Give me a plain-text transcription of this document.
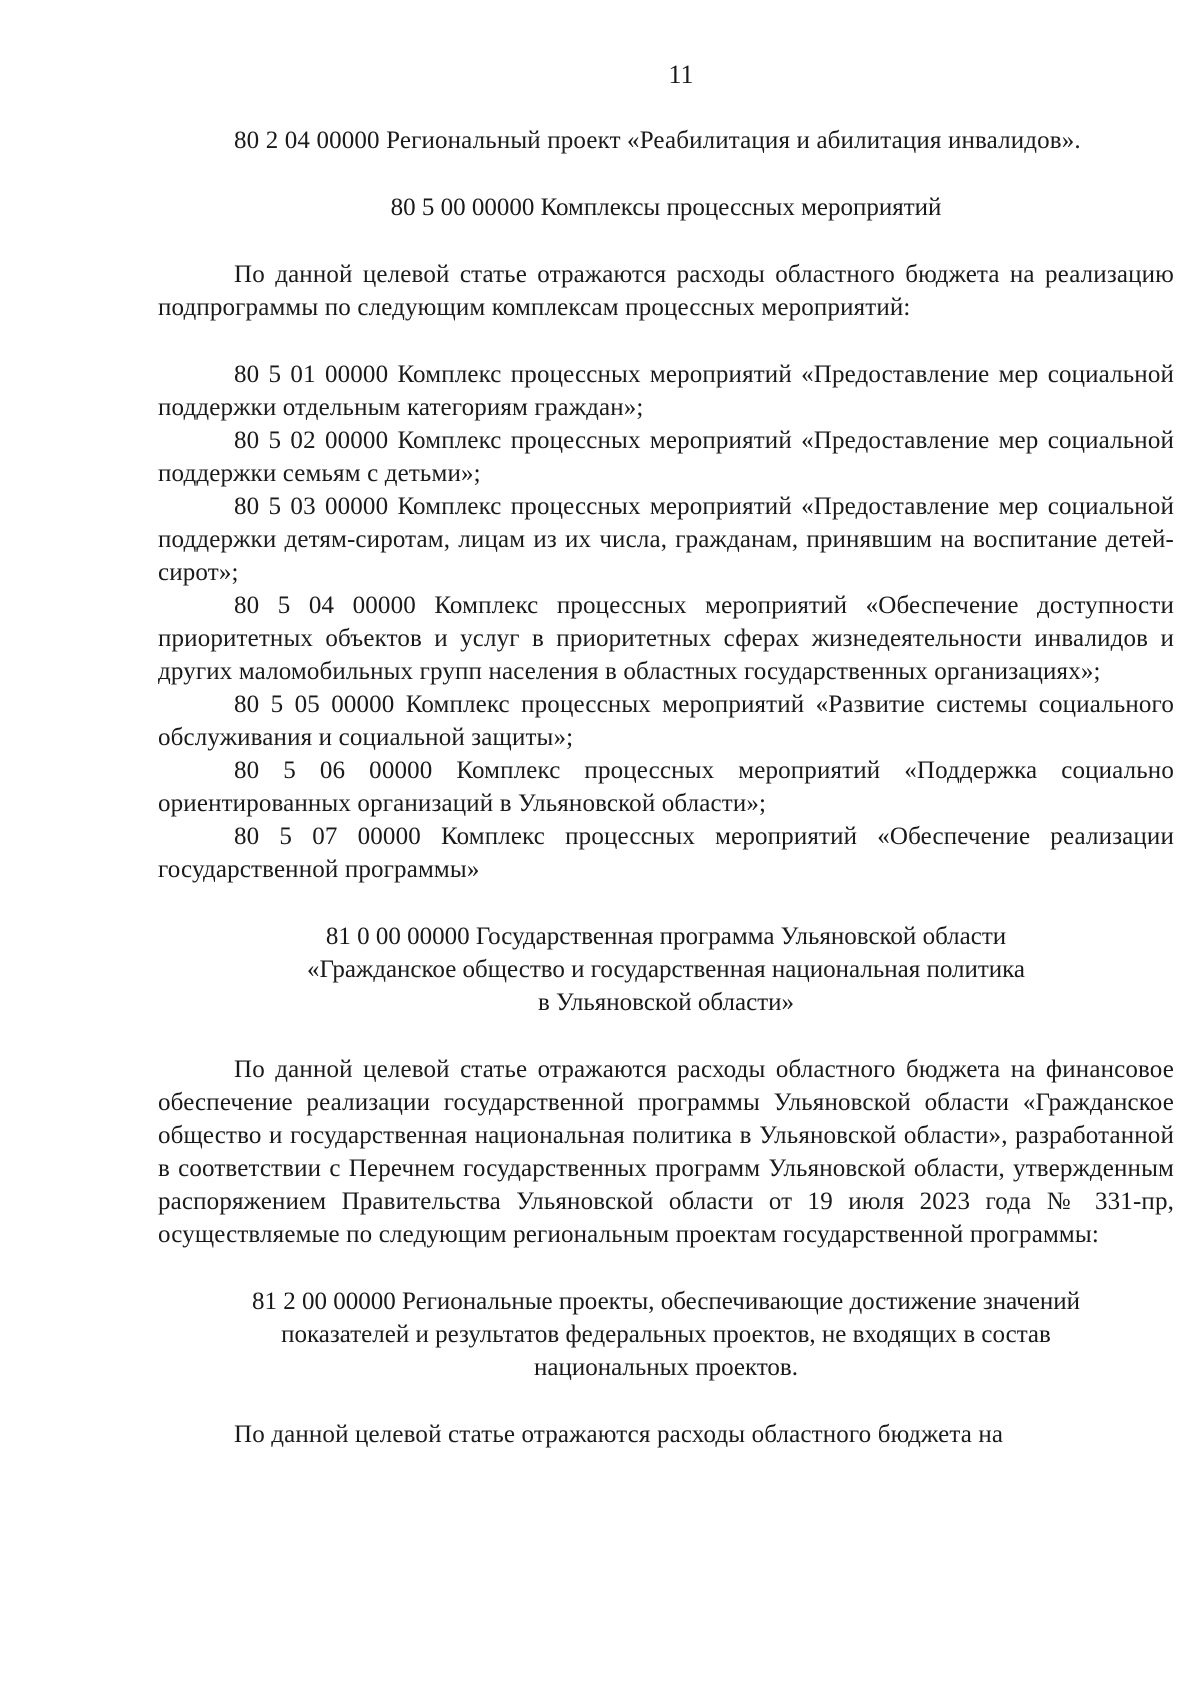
11

80 2 04 00000 Региональный проект «Реабилитация и абилитация инвалидов».

80 5 00 00000 Комплексы процессных мероприятий

По данной целевой статье отражаются расходы областного бюджета на реализацию подпрограммы по следующим комплексам процессных мероприятий:

80 5 01 00000 Комплекс процессных мероприятий «Предоставление мер социальной поддержки отдельным категориям граждан»;

80 5 02 00000 Комплекс процессных мероприятий «Предоставление мер социальной поддержки семьям с детьми»;

80 5 03 00000 Комплекс процессных мероприятий «Предоставление мер социальной поддержки детям-сиротам, лицам из их числа, гражданам, принявшим на воспитание детей-сирот»;

80 5 04 00000 Комплекс процессных мероприятий «Обеспечение доступности приоритетных объектов и услуг в приоритетных сферах жизнедеятельности инвалидов и других маломобильных групп населения в областных государственных организациях»;

80 5 05 00000 Комплекс процессных мероприятий «Развитие системы социального обслуживания и социальной защиты»;

80 5 06 00000 Комплекс процессных мероприятий «Поддержка социально ориентированных организаций в Ульяновской области»;

80 5 07 00000 Комплекс процессных мероприятий «Обеспечение реализации государственной программы»

81 0 00 00000 Государственная программа Ульяновской области

«Гражданское общество и государственная национальная политика

в Ульяновской области»

По данной целевой статье отражаются расходы областного бюджета на финансовое обеспечение реализации государственной программы Ульяновской области «Гражданское общество и государственная национальная политика в Ульяновской области», разработанной в соответствии с Перечнем государственных программ Ульяновской области, утвержденным распоряжением Правительства Ульяновской области от 19 июля 2023 года № 331-пр, осуществляемые по следующим региональным проектам государственной программы:

81 2 00 00000 Региональные проекты, обеспечивающие достижение значений

показателей и результатов федеральных проектов, не входящих в состав

национальных проектов.

По данной целевой статье отражаются расходы областного бюджета на
